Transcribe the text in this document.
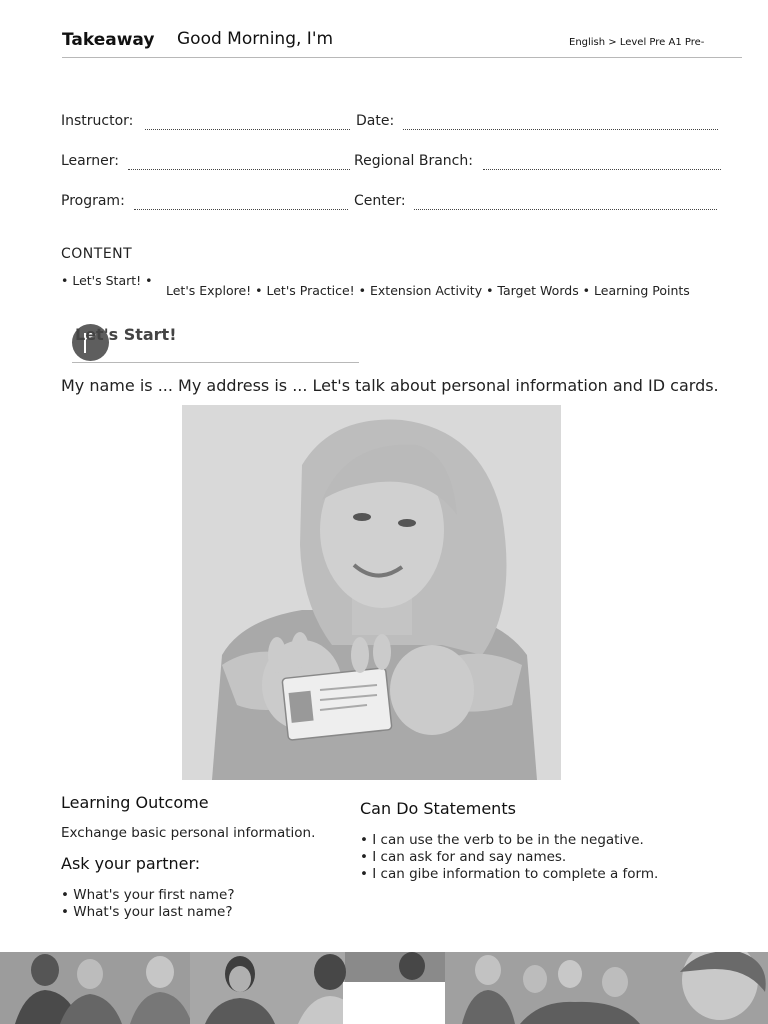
Takeaway Good Morning, I'm	English > Level Pre A1 Pre-
Instructor:	Date:
Learner:	Regional Branch:
Program:	Center:
CONTENT
• Let's Start! •
Let's Explore! • Let's Practice! • Extension Activity • Target Words • Learning Points
Let's Start!

My name is ... My address is ... Let's talk about personal information and ID cards.

Learning Outcome

Exchange basic personal information.

Ask your partner:
• What's your first name?
• What's your last name?
Can Do Statements
• I can use the verb to be in the negative.
• I can ask for and say names.
• I can gibe information to complete a form.
